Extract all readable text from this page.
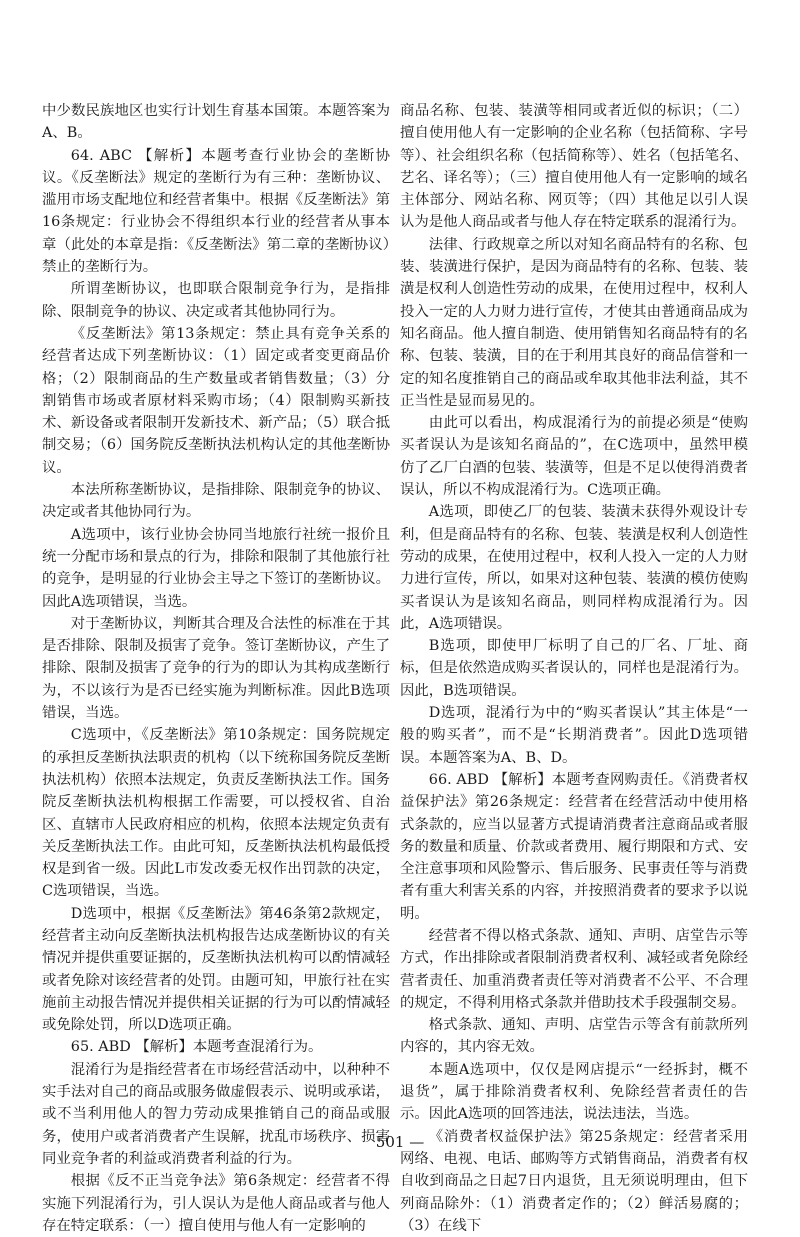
中少数民族地区也实行计划生育基本国策。本题答案为A、B。

64. ABC 【解析】本题考查行业协会的垄断协议。《反垄断法》规定的垄断行为有三种：垄断协议、滥用市场支配地位和经营者集中。根据《反垄断法》第16条规定：行业协会不得组织本行业的经营者从事本章（此处的本章是指：《反垄断法》第二章的垄断协议）禁止的垄断行为。

所谓垄断协议，也即联合限制竞争行为，是指排除、限制竞争的协议、决定或者其他协同行为。

《反垄断法》第13条规定：禁止具有竞争关系的经营者达成下列垄断协议：（1）固定或者变更商品价格；（2）限制商品的生产数量或者销售数量；（3）分割销售市场或者原材料采购市场；（4）限制购买新技术、新设备或者限制开发新技术、新产品；（5）联合抵制交易；（6）国务院反垄断执法机构认定的其他垄断协议。

本法所称垄断协议，是指排除、限制竞争的协议、决定或者其他协同行为。

A选项中，该行业协会协同当地旅行社统一报价且统一分配市场和景点的行为，排除和限制了其他旅行社的竞争，是明显的行业协会主导之下签订的垄断协议。因此A选项错误，当选。

对于垄断协议，判断其合理及合法性的标准在于其是否排除、限制及损害了竞争。签订垄断协议，产生了排除、限制及损害了竞争的行为的即认为其构成垄断行为，不以该行为是否已经实施为判断标准。因此B选项错误，当选。

C选项中，《反垄断法》第10条规定：国务院规定的承担反垄断执法职责的机构（以下统称国务院反垄断执法机构）依照本法规定，负责反垄断执法工作。国务院反垄断执法机构根据工作需要，可以授权省、自治区、直辖市人民政府相应的机构，依照本法规定负责有关反垄断执法工作。由此可知，反垄断执法机构最低授权是到省一级。因此L市发改委无权作出罚款的决定，C选项错误，当选。

D选项中，根据《反垄断法》第46条第2款规定，经营者主动向反垄断执法机构报告达成垄断协议的有关情况并提供重要证据的，反垄断执法机构可以酌情减轻或者免除对该经营者的处罚。由题可知，甲旅行社在实施前主动报告情况并提供相关证据的行为可以酌情减轻或免除处罚，所以D选项正确。

65. ABD 【解析】本题考查混淆行为。

混淆行为是指经营者在市场经营活动中，以种种不实手法对自己的商品或服务做虚假表示、说明或承诺，或不当利用他人的智力劳动成果推销自己的商品或服务，使用户或者消费者产生误解，扰乱市场秩序、损害同业竞争者的利益或消费者利益的行为。

根据《反不正当竞争法》第6条规定：经营者不得实施下列混淆行为，引人误认为是他人商品或者与他人存在特定联系：（一）擅自使用与他人有一定影响的

商品名称、包装、装潢等相同或者近似的标识；（二）擅自使用他人有一定影响的企业名称（包括简称、字号等）、社会组织名称（包括简称等）、姓名（包括笔名、艺名、译名等）；（三）擅自使用他人有一定影响的域名主体部分、网站名称、网页等；（四）其他足以引人误认为是他人商品或者与他人存在特定联系的混淆行为。

法律、行政规章之所以对知名商品特有的名称、包装、装潢进行保护，是因为商品特有的名称、包装、装潢是权利人创造性劳动的成果，在使用过程中，权利人投入一定的人力财力进行宣传，才使其由普通商品成为知名商品。他人擅自制造、使用销售知名商品特有的名称、包装、装潢，目的在于利用其良好的商品信誉和一定的知名度推销自己的商品或牟取其他非法利益，其不正当性是显而易见的。

由此可以看出，构成混淆行为的前提必须是“使购买者误认为是该知名商品的”，在C选项中，虽然甲模仿了乙厂白酒的包装、装潢等，但是不足以使得消费者误认，所以不构成混淆行为。C选项正确。

A选项，即使乙厂的包装、装潢未获得外观设计专利，但是商品特有的名称、包装、装潢是权利人创造性劳动的成果，在使用过程中，权利人投入一定的人力财力进行宣传，所以，如果对这种包装、装潢的模仿使购买者误认为是该知名商品，则同样构成混淆行为。因此，A选项错误。

B选项，即使甲厂标明了自己的厂名、厂址、商标，但是依然造成购买者误认的，同样也是混淆行为。因此，B选项错误。

D选项，混淆行为中的“购买者误认”其主体是“一般的购买者”，而不是“长期消费者”。因此D选项错误。本题答案为A、B、D。

66. ABD 【解析】本题考查网购责任。《消费者权益保护法》第26条规定：经营者在经营活动中使用格式条款的，应当以显著方式提请消费者注意商品或者服务的数量和质量、价款或者费用、履行期限和方式、安全注意事项和风险警示、售后服务、民事责任等与消费者有重大利害关系的内容，并按照消费者的要求予以说明。

经营者不得以格式条款、通知、声明、店堂告示等方式，作出排除或者限制消费者权利、减轻或者免除经营者责任、加重消费者责任等对消费者不公平、不合理的规定，不得利用格式条款并借助技术手段强制交易。

格式条款、通知、声明、店堂告示等含有前款所列内容的，其内容无效。

本题A选项中，仅仅是网店提示“一经拆封，概不退货”，属于排除消费者权利、免除经营者责任的告示。因此A选项的回答违法，说法违法，当选。

《消费者权益保护法》第25条规定：经营者采用网络、电视、电话、邮购等方式销售商品，消费者有权自收到商品之日起7日内退货，且无须说明理由，但下列商品除外：（1）消费者定作的；（2）鲜活易腐的；（3）在线下

501 —
